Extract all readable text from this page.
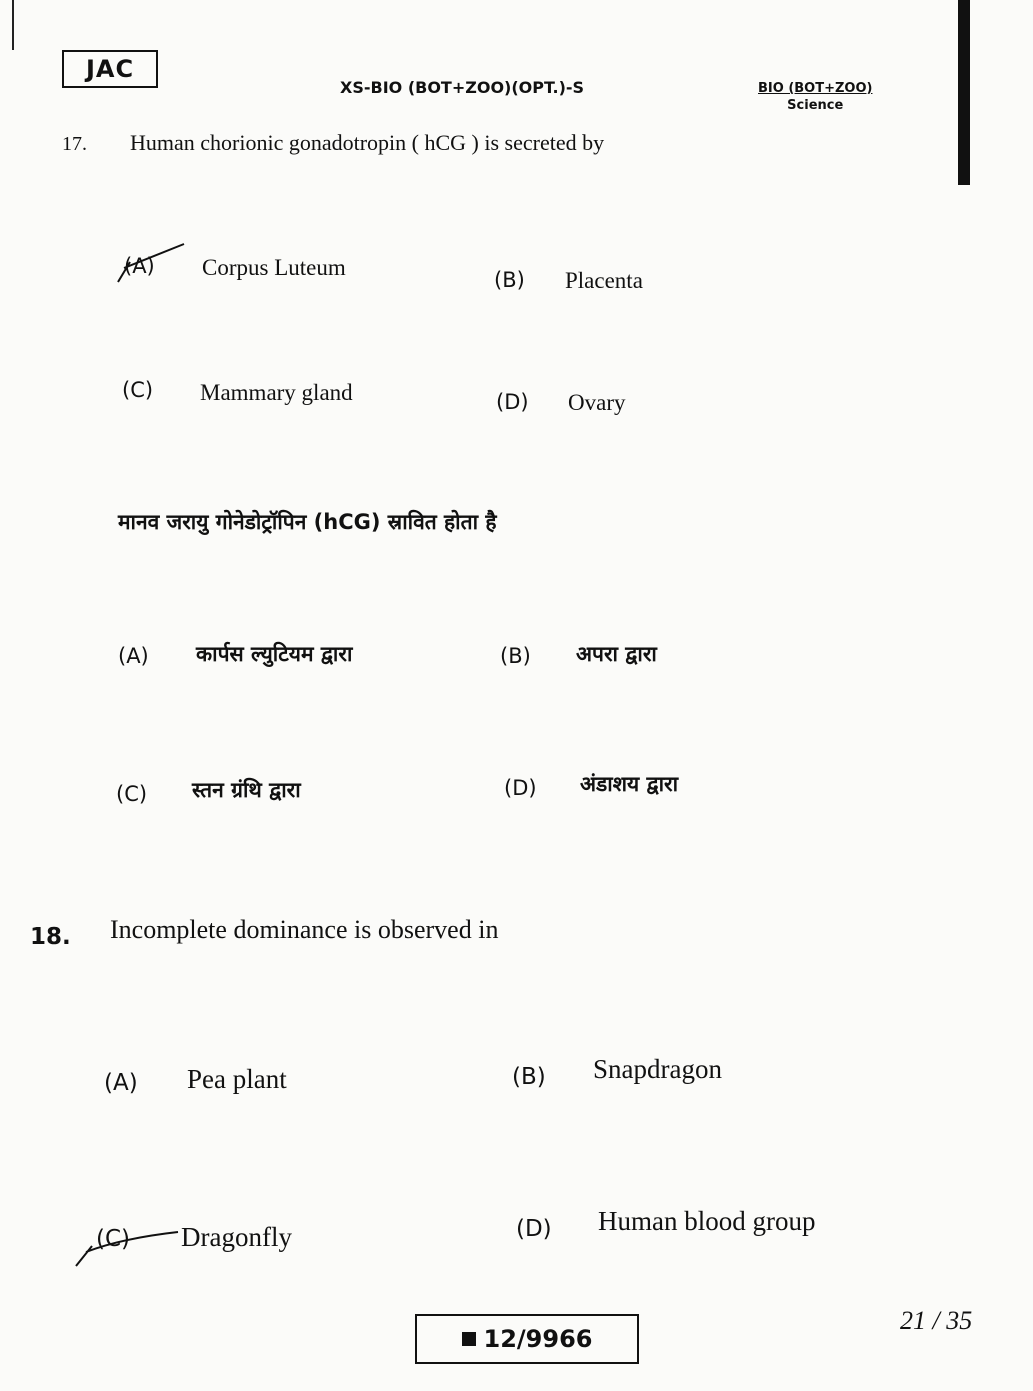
JAC
XS-BIO (BOT+ZOO)(OPT.)-S	BIO (BOT+ZOO)
Science
17. Human chorionic gonadotropin ( hCG ) is secreted by
(A) Corpus Luteum	(B) Placenta
(C) Mammary gland	(D) Ovary
मानव जरायु गोनेडोट्रॉपिन (hCG) स्रावित होता है
(A) कार्पस ल्युटियम द्वारा	(B) अपरा द्वारा
(C) स्तन ग्रंथि द्वारा	(D) अंडाशय द्वारा
18. Incomplete dominance is observed in
(A) Pea plant	(B) Snapdragon
(C) Dragonfly	(D) Human blood group
12/9966
21 / 35
